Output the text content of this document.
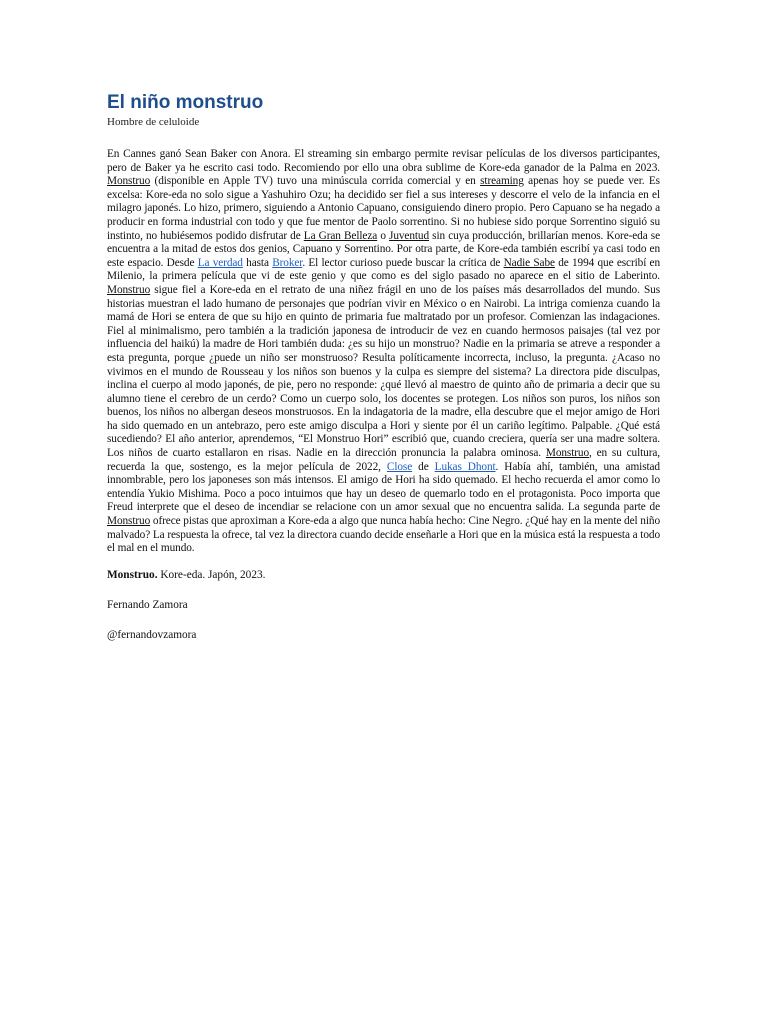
El niño monstruo
Hombre de celuloide
En Cannes ganó Sean Baker con Anora. El streaming sin embargo permite revisar películas de los diversos participantes, pero de Baker ya he escrito casi todo. Recomiendo por ello una obra sublime de Kore-eda ganador de la Palma en 2023. Monstruo (disponible en Apple TV) tuvo una minúscula corrida comercial y en streaming apenas hoy se puede ver. Es excelsa: Kore-eda no solo sigue a Yashuhiro Ozu; ha decidido ser fiel a sus intereses y descorre el velo de la infancia en el milagro japonés. Lo hizo, primero, siguiendo a Antonio Capuano, consiguiendo dinero propio. Pero Capuano se ha negado a producir en forma industrial con todo y que fue mentor de Paolo sorrentino. Si no hubiese sido porque Sorrentino siguió su instinto, no hubiésemos podido disfrutar de La Gran Belleza o Juventud sin cuya producción, brillarían menos. Kore-eda se encuentra a la mitad de estos dos genios, Capuano y Sorrentino. Por otra parte, de Kore-eda también escribí ya casi todo en este espacio. Desde La verdad hasta Broker. El lector curioso puede buscar la crítica de Nadie Sabe de 1994 que escribí en Milenio, la primera película que vi de este genio y que como es del siglo pasado no aparece en el sitio de Laberinto. Monstruo sigue fiel a Kore-eda en el retrato de una niñez frágil en uno de los países más desarrollados del mundo. Sus historias muestran el lado humano de personajes que podrían vivir en México o en Nairobi. La intriga comienza cuando la mamá de Hori se entera de que su hijo en quinto de primaria fue maltratado por un profesor. Comienzan las indagaciones. Fiel al minimalismo, pero también a la tradición japonesa de introducir de vez en cuando hermosos paisajes (tal vez por influencia del haikú) la madre de Hori también duda: ¿es su hijo un monstruo? Nadie en la primaria se atreve a responder a esta pregunta, porque ¿puede un niño ser monstruoso? Resulta políticamente incorrecta, incluso, la pregunta. ¿Acaso no vivimos en el mundo de Rousseau y los niños son buenos y la culpa es siempre del sistema? La directora pide disculpas, inclina el cuerpo al modo japonés, de pie, pero no responde: ¿qué llevó al maestro de quinto año de primaria a decir que su alumno tiene el cerebro de un cerdo? Como un cuerpo solo, los docentes se protegen. Los niños son puros, los niños son buenos, los niños no albergan deseos monstruosos. En la indagatoria de la madre, ella descubre que el mejor amigo de Hori ha sido quemado en un antebrazo, pero este amigo disculpa a Hori y siente por él un cariño legítimo. Palpable. ¿Qué está sucediendo? El año anterior, aprendemos, “El Monstruo Hori” escribió que, cuando creciera, quería ser una madre soltera. Los niños de cuarto estallaron en risas. Nadie en la dirección pronuncia la palabra ominosa. Monstruo, en su cultura, recuerda la que, sostengo, es la mejor película de 2022, Close de Lukas Dhont. Había ahí, también, una amistad innombrable, pero los japoneses son más intensos. El amigo de Hori ha sido quemado. El hecho recuerda el amor como lo entendía Yukio Mishima. Poco a poco intuimos que hay un deseo de quemarlo todo en el protagonista. Poco importa que Freud interprete que el deseo de incendiar se relacione con un amor sexual que no encuentra salida. La segunda parte de Monstruo ofrece pistas que aproximan a Kore-eda a algo que nunca había hecho: Cine Negro. ¿Qué hay en la mente del niño malvado? La respuesta la ofrece, tal vez la directora cuando decide enseñarle a Hori que en la música está la respuesta a todo el mal en el mundo.
Monstruo. Kore-eda. Japón, 2023.
Fernando Zamora
@fernandovzamora
